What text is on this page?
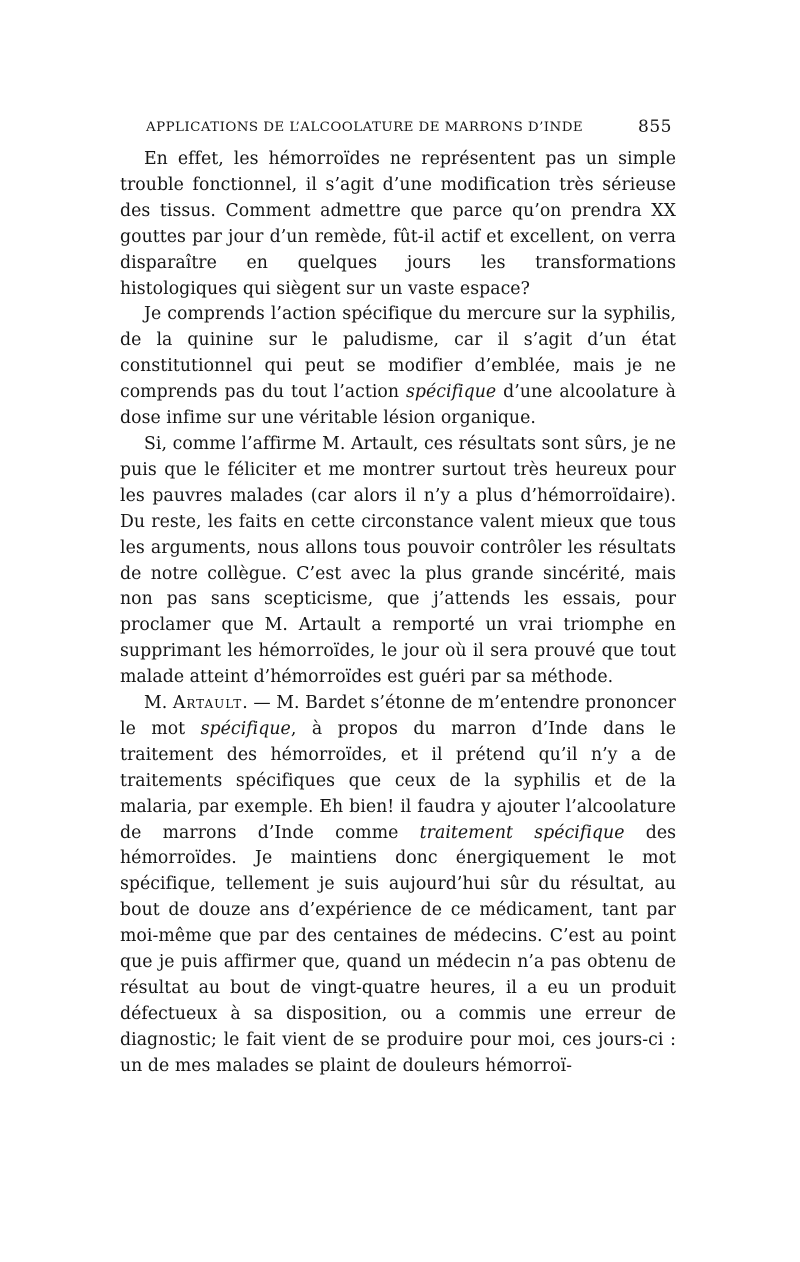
APPLICATIONS DE L’ALCOOLATURE DE MARRONS D’INDE	855

En effet, les hémorroïdes ne représentent pas un simple trouble fonctionnel, il s’agit d’une modification très sérieuse des tissus. Comment admettre que parce qu’on prendra XX gouttes par jour d’un remède, fût-il actif et excellent, on verra disparaître en quelques jours les transformations histologiques qui siègent sur un vaste espace?

Je comprends l’action spécifique du mercure sur la syphilis, de la quinine sur le paludisme, car il s’agit d’un état constitutionnel qui peut se modifier d’emblée, mais je ne comprends pas du tout l’action spécifique d’une alcoolature à dose infime sur une véritable lésion organique.

Si, comme l’affirme M. Artault, ces résultats sont sûrs, je ne puis que le féliciter et me montrer surtout très heureux pour les pauvres malades (car alors il n’y a plus d’hémorroïdaire). Du reste, les faits en cette circonstance valent mieux que tous les arguments, nous allons tous pouvoir contrôler les résultats de notre collègue. C’est avec la plus grande sincérité, mais non pas sans scepticisme, que j’attends les essais, pour proclamer que M. Artault a remporté un vrai triomphe en supprimant les hémorroïdes, le jour où il sera prouvé que tout malade atteint d’hémorroïdes est guéri par sa méthode.

M. Artault. — M. Bardet s’étonne de m’entendre prononcer le mot spécifique, à propos du marron d’Inde dans le traitement des hémorroïdes, et il prétend qu’il n’y a de traitements spécifiques que ceux de la syphilis et de la malaria, par exemple. Eh bien! il faudra y ajouter l’alcoolature de marrons d’Inde comme traitement spécifique des hémorroïdes. Je maintiens donc énergiquement le mot spécifique, tellement je suis aujourd’hui sûr du résultat, au bout de douze ans d’expérience de ce médicament, tant par moi-même que par des centaines de médecins. C’est au point que je puis affirmer que, quand un médecin n’a pas obtenu de résultat au bout de vingt-quatre heures, il a eu un produit défectueux à sa disposition, ou a commis une erreur de diagnostic; le fait vient de se produire pour moi, ces jours-ci : un de mes malades se plaint de douleurs hémorroï-
